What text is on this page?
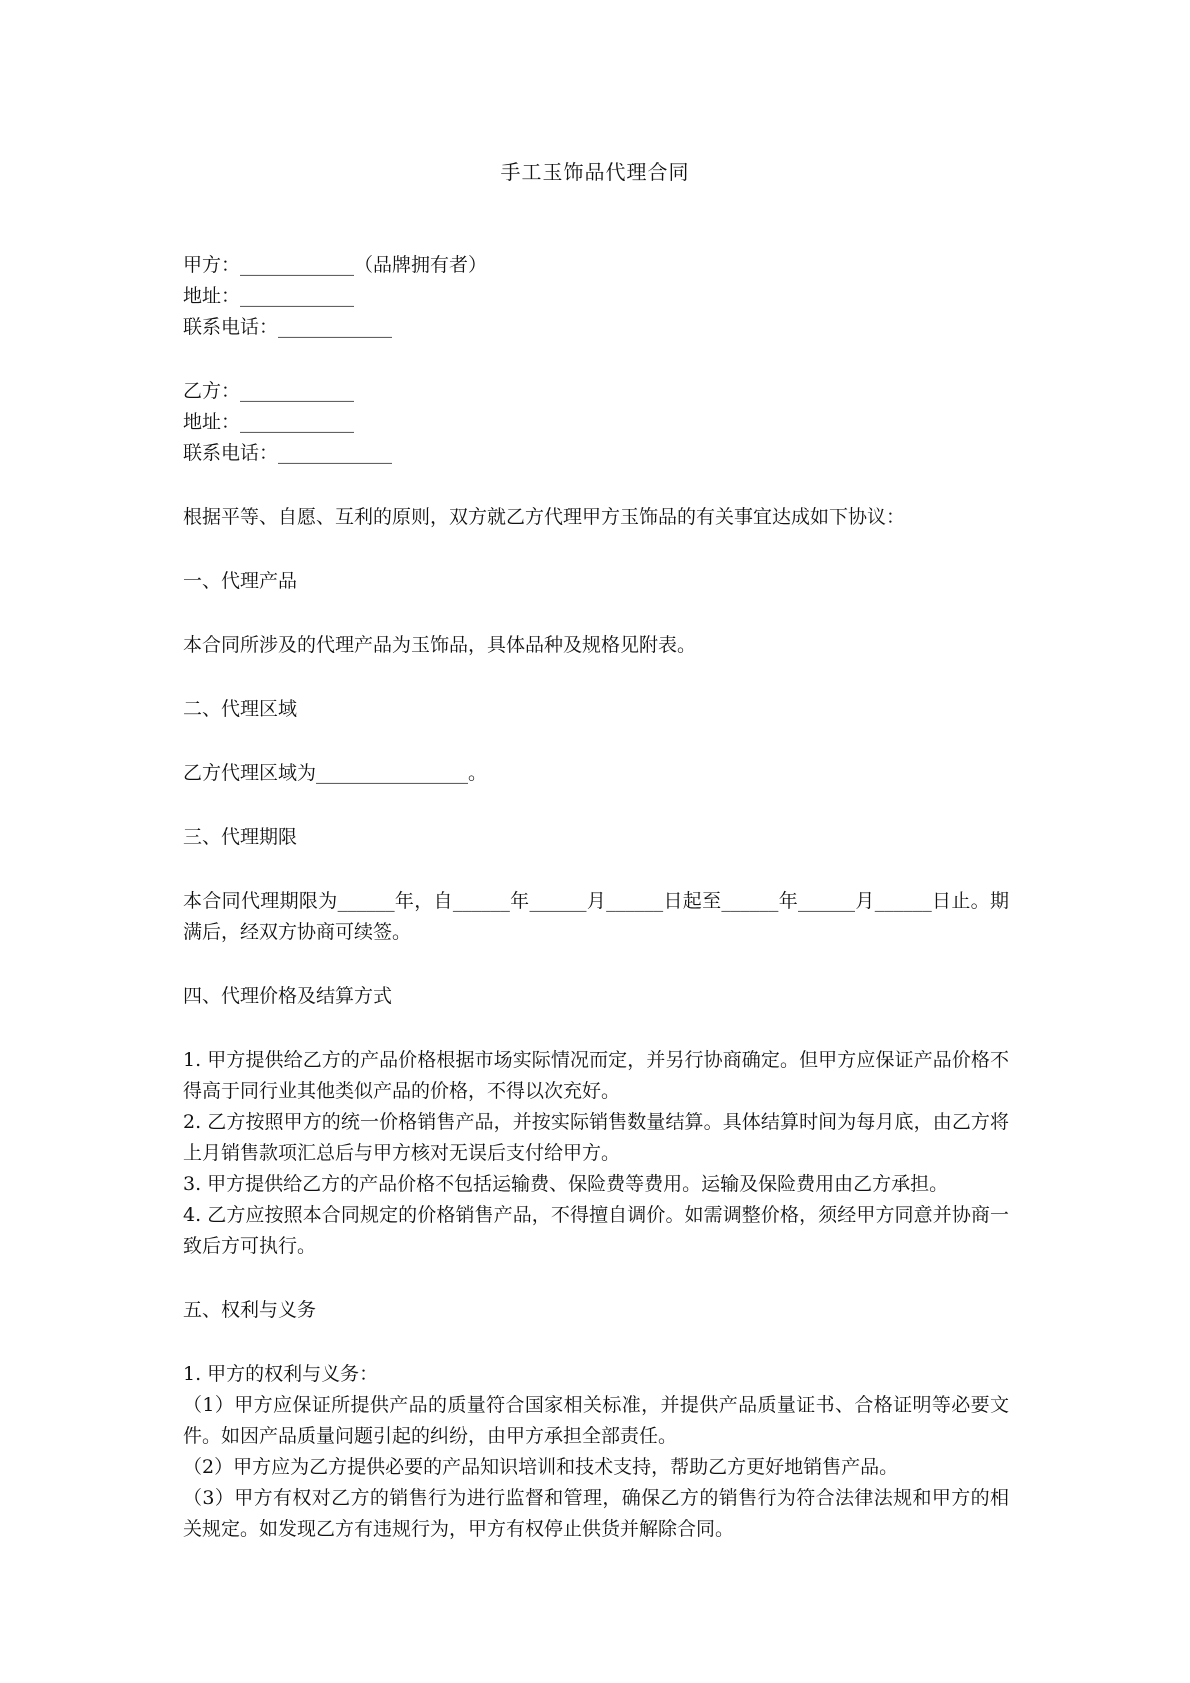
手工玉饰品代理合同

甲方：____________（品牌拥有者）

地址：____________

联系电话：____________

乙方：____________

地址：____________

联系电话：____________

根据平等、自愿、互利的原则，双方就乙方代理甲方玉饰品的有关事宜达成如下协议：

一、代理产品

本合同所涉及的代理产品为玉饰品，具体品种及规格见附表。

二、代理区域

乙方代理区域为________________。

三、代理期限

本合同代理期限为______年，自______年______月______日起至______年______月______日止。期满后，经双方协商可续签。

四、代理价格及结算方式

1. 甲方提供给乙方的产品价格根据市场实际情况而定，并另行协商确定。但甲方应保证产品价格不得高于同行业其他类似产品的价格，不得以次充好。

2. 乙方按照甲方的统一价格销售产品，并按实际销售数量结算。具体结算时间为每月底，由乙方将上月销售款项汇总后与甲方核对无误后支付给甲方。

3. 甲方提供给乙方的产品价格不包括运输费、保险费等费用。运输及保险费用由乙方承担。

4. 乙方应按照本合同规定的价格销售产品，不得擅自调价。如需调整价格，须经甲方同意并协商一致后方可执行。

五、权利与义务

1. 甲方的权利与义务：

（1）甲方应保证所提供产品的质量符合国家相关标准，并提供产品质量证书、合格证明等必要文件。如因产品质量问题引起的纠纷，由甲方承担全部责任。

（2）甲方应为乙方提供必要的产品知识培训和技术支持，帮助乙方更好地销售产品。

（3）甲方有权对乙方的销售行为进行监督和管理，确保乙方的销售行为符合法律法规和甲方的相关规定。如发现乙方有违规行为，甲方有权停止供货并解除合同。
